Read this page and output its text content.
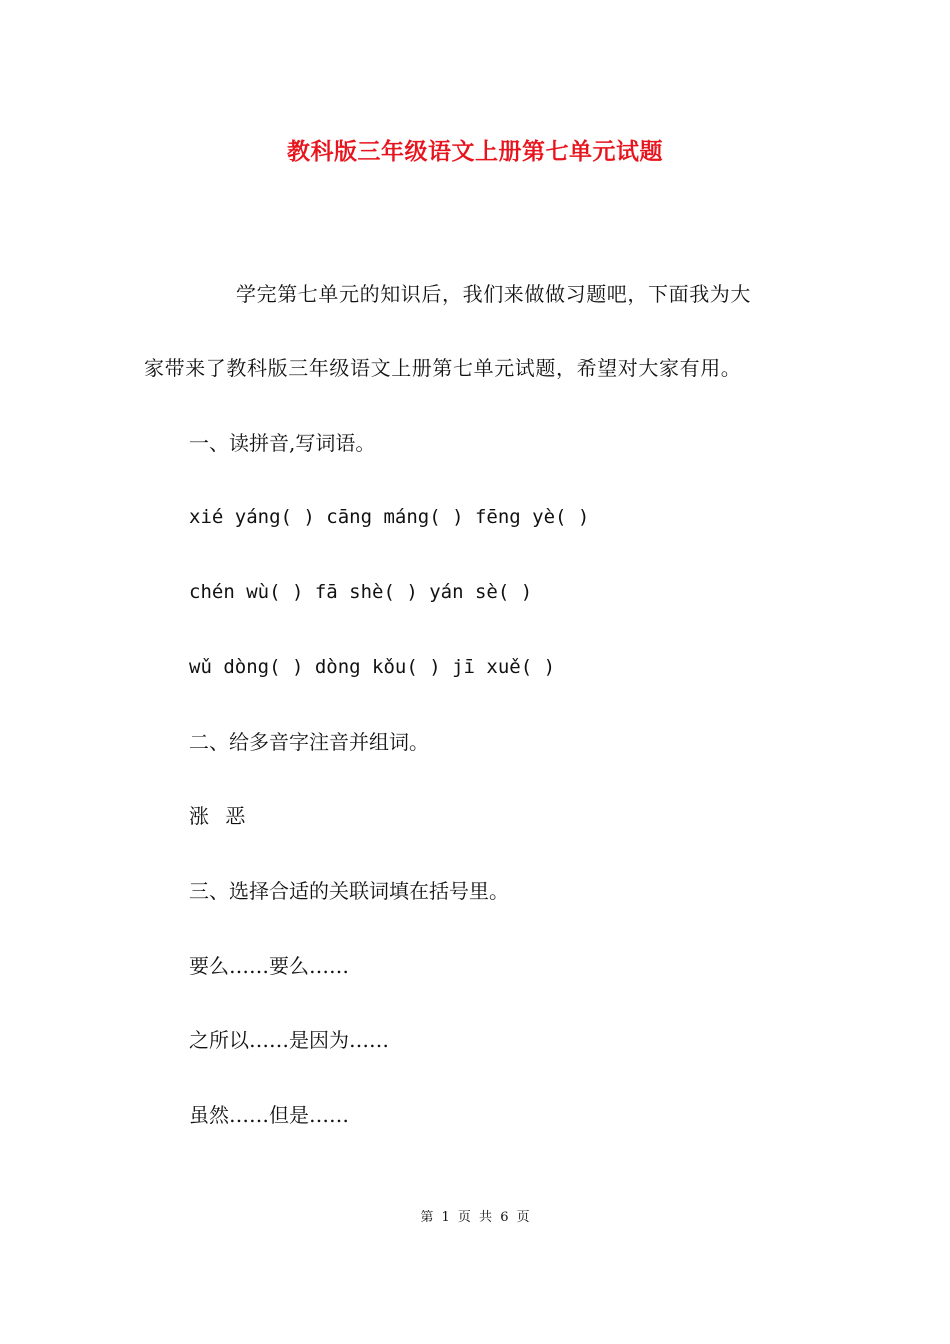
教科版三年级语文上册第七单元试题
学完第七单元的知识后，我们来做做习题吧，下面我为大
家带来了教科版三年级语文上册第七单元试题，希望对大家有用。
一、读拼音,写词语。
xié yáng( ) cāng máng( ) fēng yè( )
chén wù( ) fā shè( ) yán sè( )
wǔ dòng( ) dòng kǒu( ) jī xuě( )
二、给多音字注音并组词。
涨 恶
三、选择合适的关联词填在括号里。
要么……要么……
之所以……是因为……
虽然……但是……
第 1 页 共 6 页
